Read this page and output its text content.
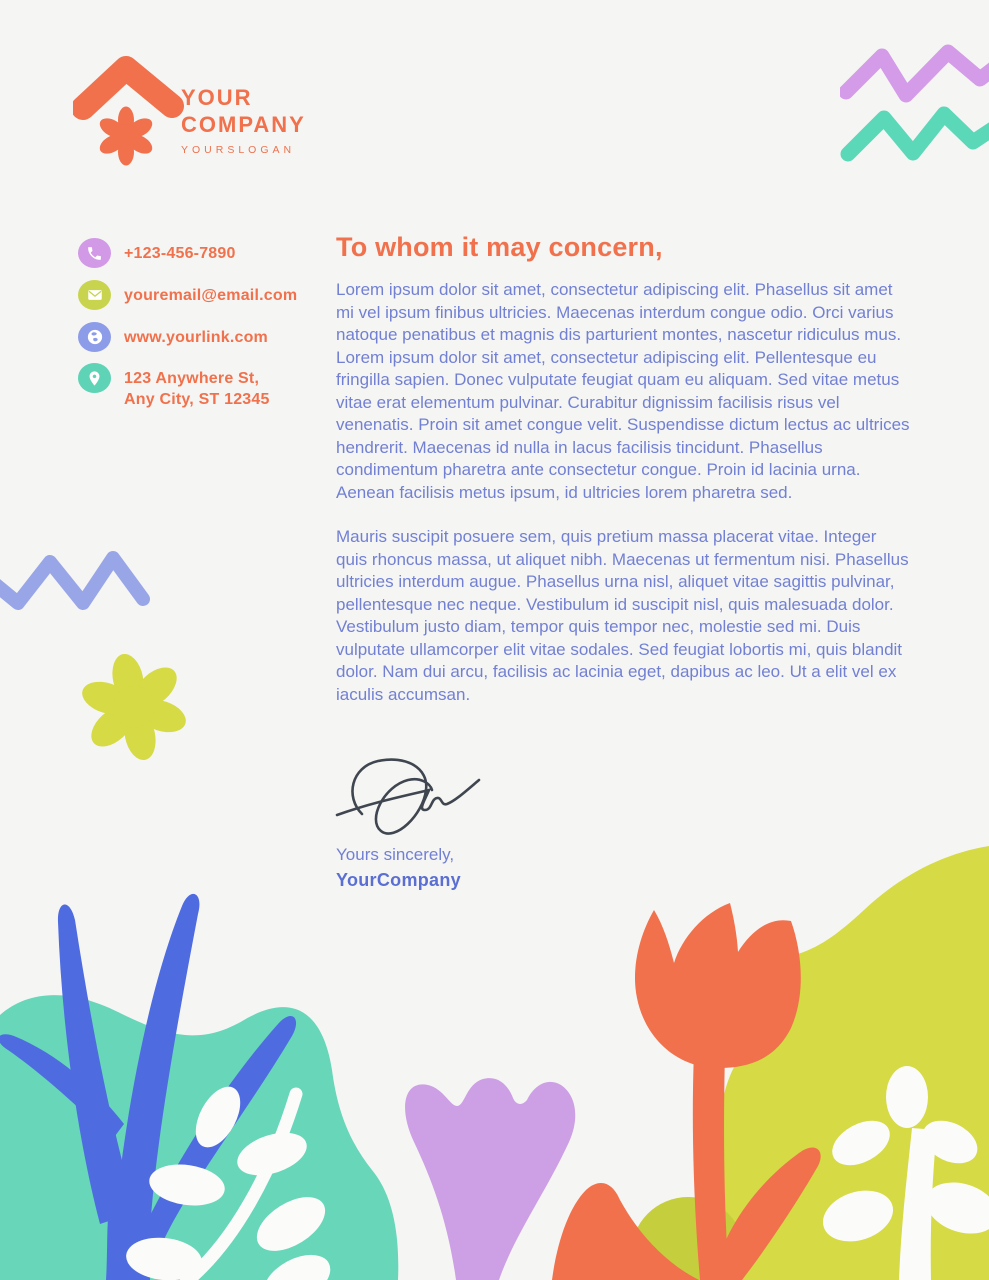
YOUR
COMPANY
YOURSLOGAN
+123-456-7890
youremail@email.com
www.yourlink.com
123 Anywhere St,
Any City, ST 12345
To whom it may concern,

Lorem ipsum dolor sit amet, consectetur adipiscing elit. Phasellus sit amet mi vel ipsum finibus ultricies. Maecenas interdum congue odio. Orci varius natoque penatibus et magnis dis parturient montes, nascetur ridiculus mus. Lorem ipsum dolor sit amet, consectetur adipiscing elit. Pellentesque eu fringilla sapien. Donec vulputate feugiat quam eu aliquam. Sed vitae metus vitae erat elementum pulvinar. Curabitur dignissim facilisis risus vel venenatis. Proin sit amet congue velit. Suspendisse dictum lectus ac ultrices hendrerit. Maecenas id nulla in lacus facilisis tincidunt. Phasellus condimentum pharetra ante consectetur congue. Proin id lacinia urna. Aenean facilisis metus ipsum, id ultricies lorem pharetra sed.

Mauris suscipit posuere sem, quis pretium massa placerat vitae. Integer quis rhoncus massa, ut aliquet nibh. Maecenas ut fermentum nisi. Phasellus ultricies interdum augue. Phasellus urna nisl, aliquet vitae sagittis pulvinar, pellentesque nec neque. Vestibulum id suscipit nisl, quis malesuada dolor. Vestibulum justo diam, tempor quis tempor nec, molestie sed mi. Duis vulputate ullamcorper elit vitae sodales. Sed feugiat lobortis mi, quis blandit dolor. Nam dui arcu, facilisis ac lacinia eget, dapibus ac leo. Ut a elit vel ex iaculis accumsan.

Yours sincerely,
YourCompany
